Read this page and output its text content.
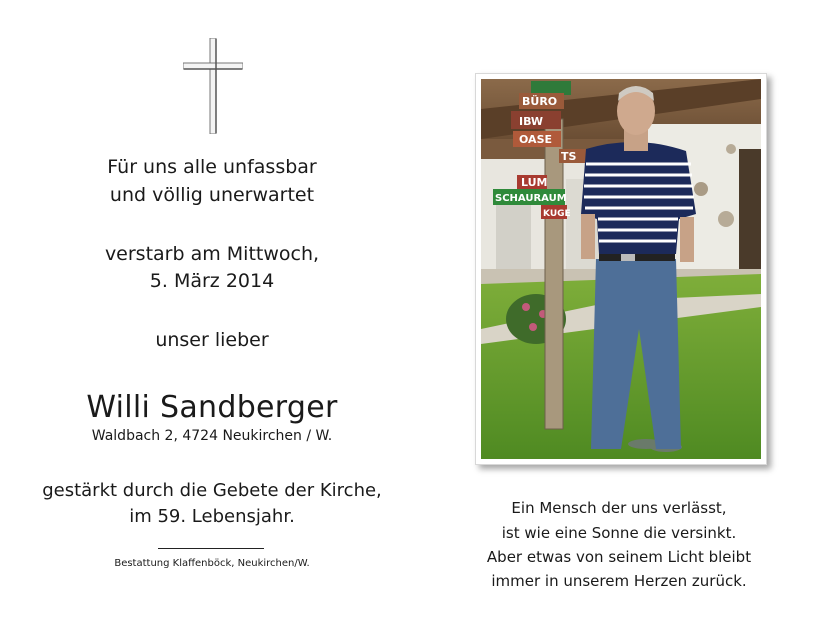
Für uns alle unfassbar
und völlig unerwartet
verstarb am Mittwoch,
5. März 2014
unser lieber
Willi Sandberger
Waldbach 2, 4724 Neukirchen / W.
gestärkt durch die Gebete der Kirche,
im 59. Lebensjahr.
Bestattung Klaffenböck, Neukirchen/W.
BÜRO
IBW
OASE
TS
LUM
SCHAURAUM
KUGE
Ein Mensch der uns verlässt,
ist wie eine Sonne die versinkt.
Aber etwas von seinem Licht bleibt
immer in unserem Herzen zurück.
